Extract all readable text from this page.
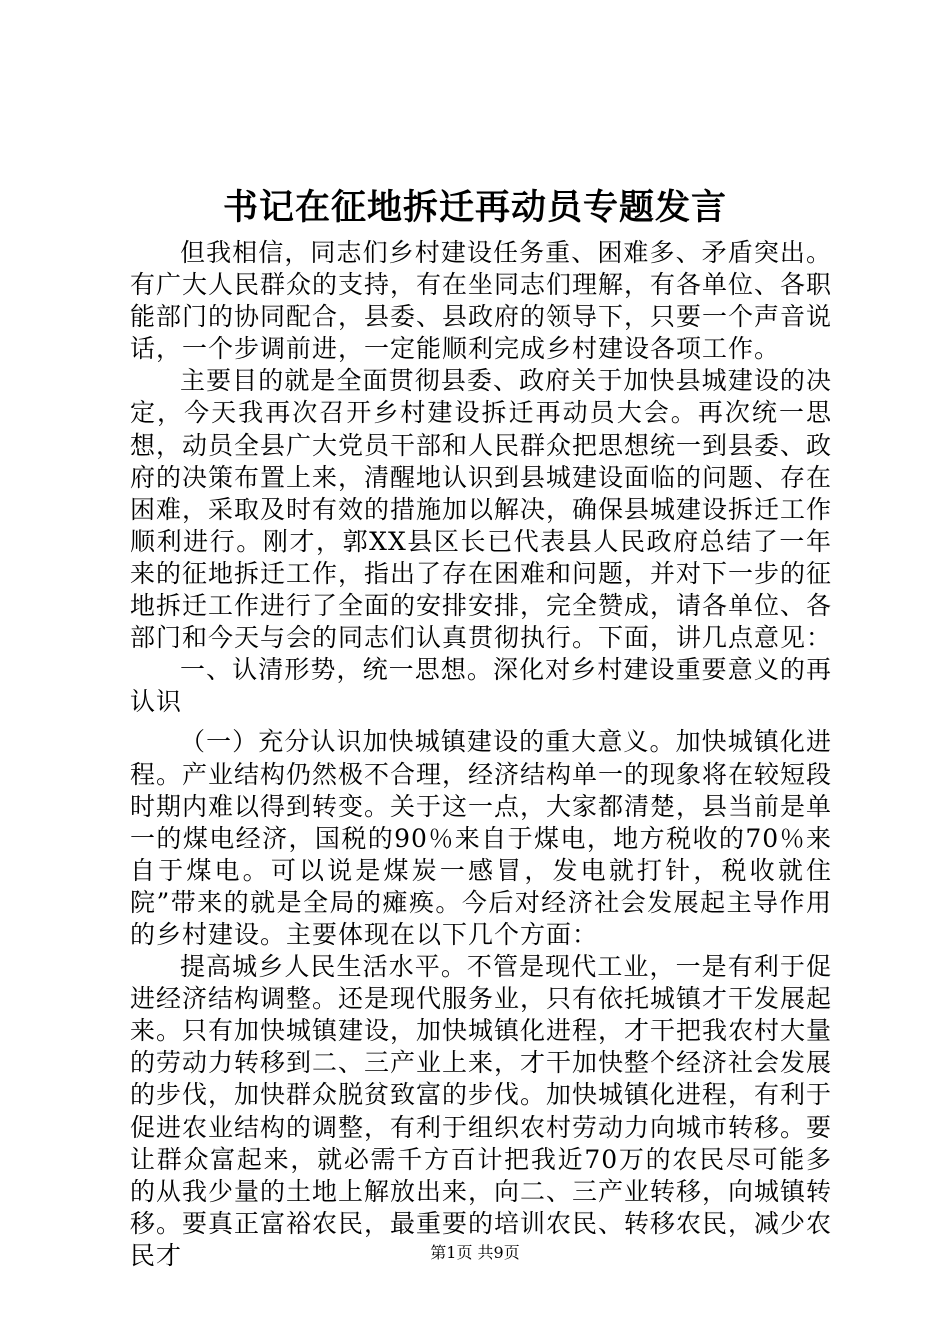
书记在征地拆迁再动员专题发言

但我相信，同志们乡村建设任务重、困难多、矛盾突出。有广大人民群众的支持，有在坐同志们理解，有各单位、各职能部门的协同配合，县委、县政府的领导下，只要一个声音说话，一个步调前进，一定能顺利完成乡村建设各项工作。

主要目的就是全面贯彻县委、政府关于加快县城建设的决定，今天我再次召开乡村建设拆迁再动员大会。再次统一思想，动员全县广大党员干部和人民群众把思想统一到县委、政府的决策布置上来，清醒地认识到县城建设面临的问题、存在困难，采取及时有效的措施加以解决，确保县城建设拆迁工作顺利进行。刚才，郭XX县区长已代表县人民政府总结了一年来的征地拆迁工作，指出了存在困难和问题，并对下一步的征地拆迁工作进行了全面的安排安排，完全赞成，请各单位、各部门和今天与会的同志们认真贯彻执行。下面，讲几点意见：

一、认清形势，统一思想。深化对乡村建设重要意义的再认识

（一）充分认识加快城镇建设的重大意义。加快城镇化进程。产业结构仍然极不合理，经济结构单一的现象将在较短段时期内难以得到转变。关于这一点，大家都清楚，县当前是单一的煤电经济，国税的90％来自于煤电，地方税收的70％来自于煤电。可以说是煤炭一感冒，发电就打针，税收就住院”带来的就是全局的瘫痪。今后对经济社会发展起主导作用的乡村建设。主要体现在以下几个方面：

提高城乡人民生活水平。不管是现代工业，一是有利于促进经济结构调整。还是现代服务业，只有依托城镇才干发展起来。只有加快城镇建设，加快城镇化进程，才干把我农村大量的劳动力转移到二、三产业上来，才干加快整个经济社会发展的步伐，加快群众脱贫致富的步伐。加快城镇化进程，有利于促进农业结构的调整，有利于组织农村劳动力向城市转移。要让群众富起来，就必需千方百计把我近70万的农民尽可能多的从我少量的土地上解放出来，向二、三产业转移，向城镇转移。要真正富裕农民，最重要的培训农民、转移农民，减少农民才	第1页 共9页
